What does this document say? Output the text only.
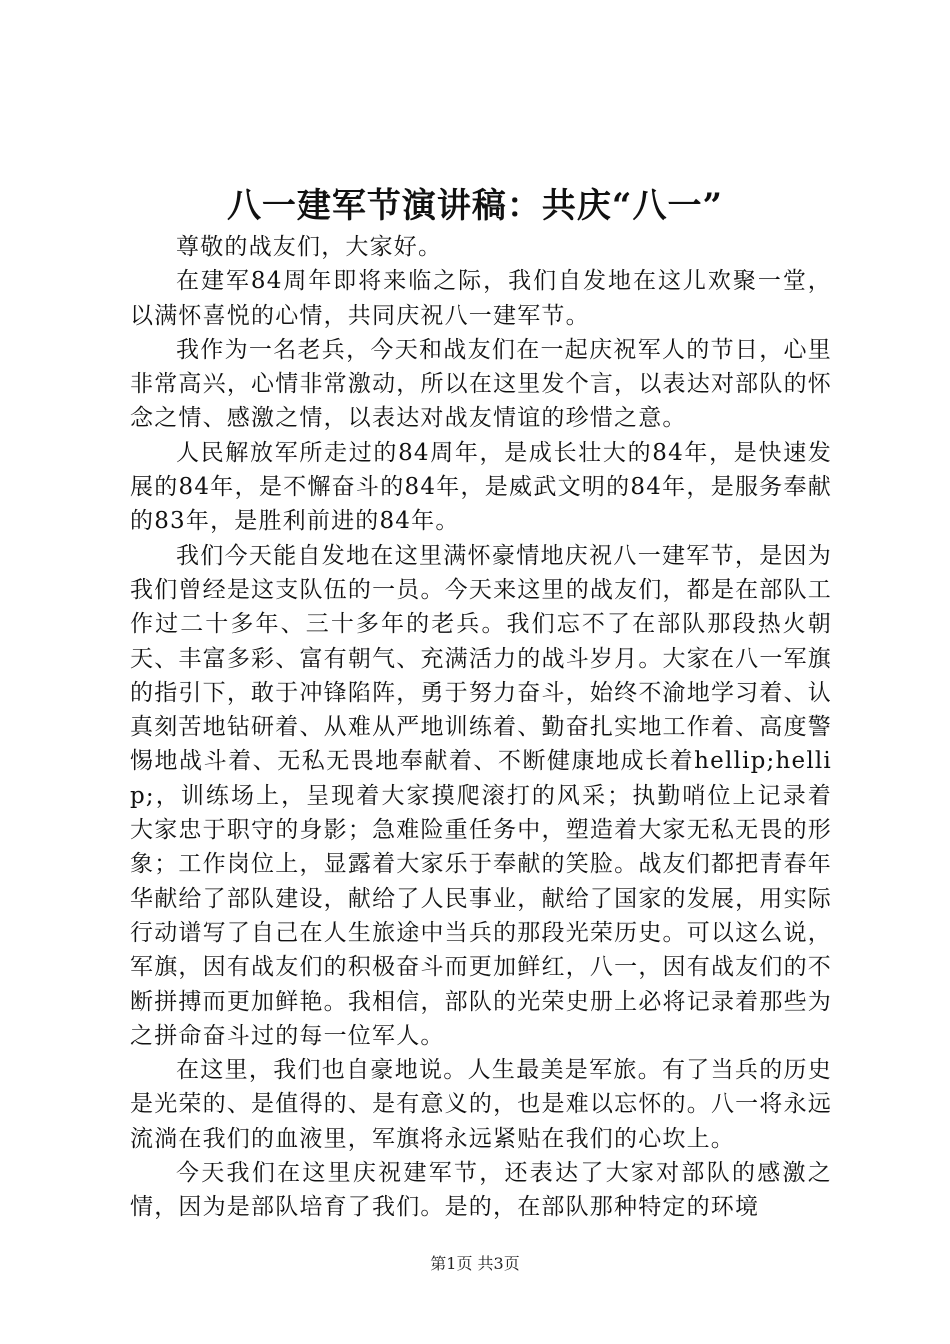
八一建军节演讲稿：共庆“八一”

尊敬的战友们，大家好。

在建军84周年即将来临之际，我们自发地在这儿欢聚一堂，以满怀喜悦的心情，共同庆祝八一建军节。

我作为一名老兵，今天和战友们在一起庆祝军人的节日，心里非常高兴，心情非常激动，所以在这里发个言，以表达对部队的怀念之情、感激之情，以表达对战友情谊的珍惜之意。

人民解放军所走过的84周年，是成长壮大的84年，是快速发展的84年，是不懈奋斗的84年，是威武文明的84年，是服务奉献的83年，是胜利前进的84年。

我们今天能自发地在这里满怀豪情地庆祝八一建军节，是因为我们曾经是这支队伍的一员。今天来这里的战友们，都是在部队工作过二十多年、三十多年的老兵。我们忘不了在部队那段热火朝天、丰富多彩、富有朝气、充满活力的战斗岁月。大家在八一军旗的指引下，敢于冲锋陷阵，勇于努力奋斗，始终不渝地学习着、认真刻苦地钻研着、从难从严地训练着、勤奋扎实地工作着、高度警惕地战斗着、无私无畏地奉献着、不断健康地成长着hellip;hellip;，训练场上，呈现着大家摸爬滚打的风采；执勤哨位上记录着大家忠于职守的身影；急难险重任务中，塑造着大家无私无畏的形象；工作岗位上，显露着大家乐于奉献的笑脸。战友们都把青春年华献给了部队建设，献给了人民事业，献给了国家的发展，用实际行动谱写了自己在人生旅途中当兵的那段光荣历史。可以这么说，军旗，因有战友们的积极奋斗而更加鲜红，八一，因有战友们的不断拼搏而更加鲜艳。我相信，部队的光荣史册上必将记录着那些为之拼命奋斗过的每一位军人。

在这里，我们也自豪地说。人生最美是军旅。有了当兵的历史是光荣的、是值得的、是有意义的，也是难以忘怀的。八一将永远流淌在我们的血液里，军旗将永远紧贴在我们的心坎上。

今天我们在这里庆祝建军节，还表达了大家对部队的感激之情，因为是部队培育了我们。是的，在部队那种特定的环境

第1页 共3页
